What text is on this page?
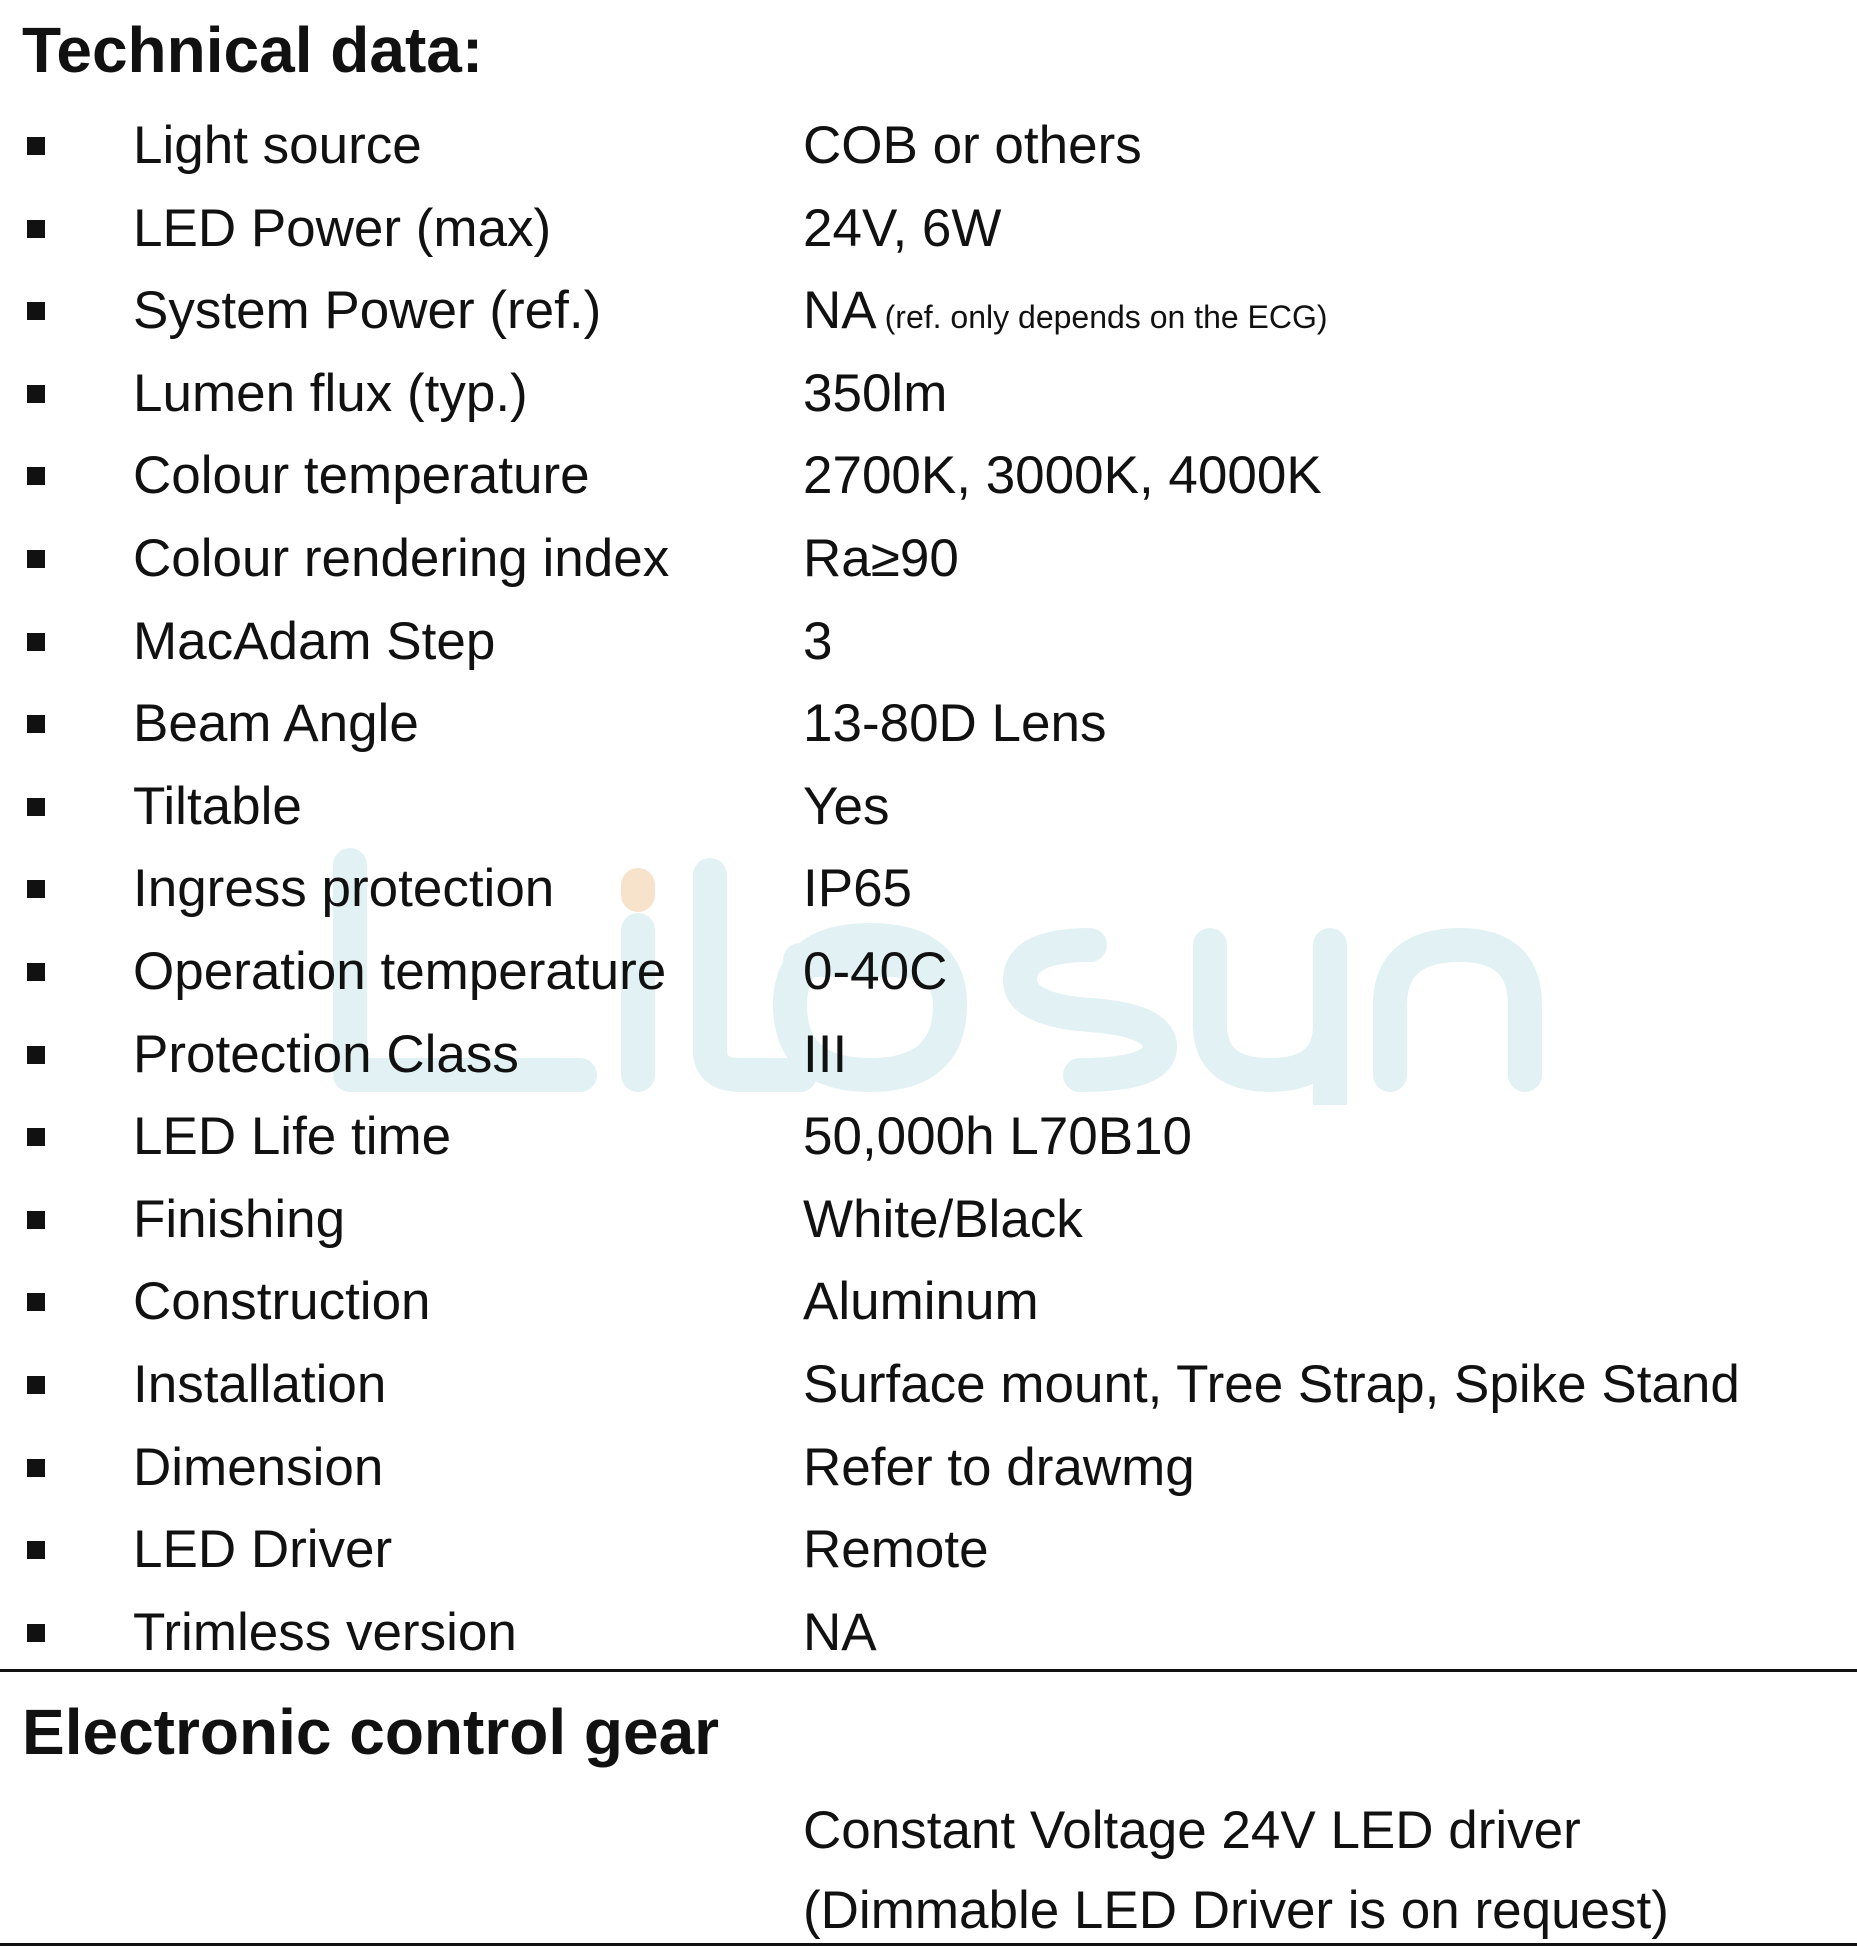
Technical data:
Light source	COB or others
LED Power (max)	24V, 6W
System Power (ref.)	NA (ref. only depends on the ECG)
Lumen flux (typ.)	350lm
Colour temperature	2700K, 3000K, 4000K
Colour rendering index	Ra≥90
MacAdam Step	3
Beam Angle	13-80D Lens
Tiltable	Yes
Ingress protection	IP65
Operation temperature	0-40C
Protection Class	III
LED Life time	50,000h L70B10
Finishing	White/Black
Construction	Aluminum
Installation	Surface mount, Tree Strap, Spike Stand
Dimension	Refer to drawmg
LED Driver	Remote
Trimless version	NA
Electronic control gear
Constant Voltage 24V LED driver
(Dimmable LED Driver is on request)
